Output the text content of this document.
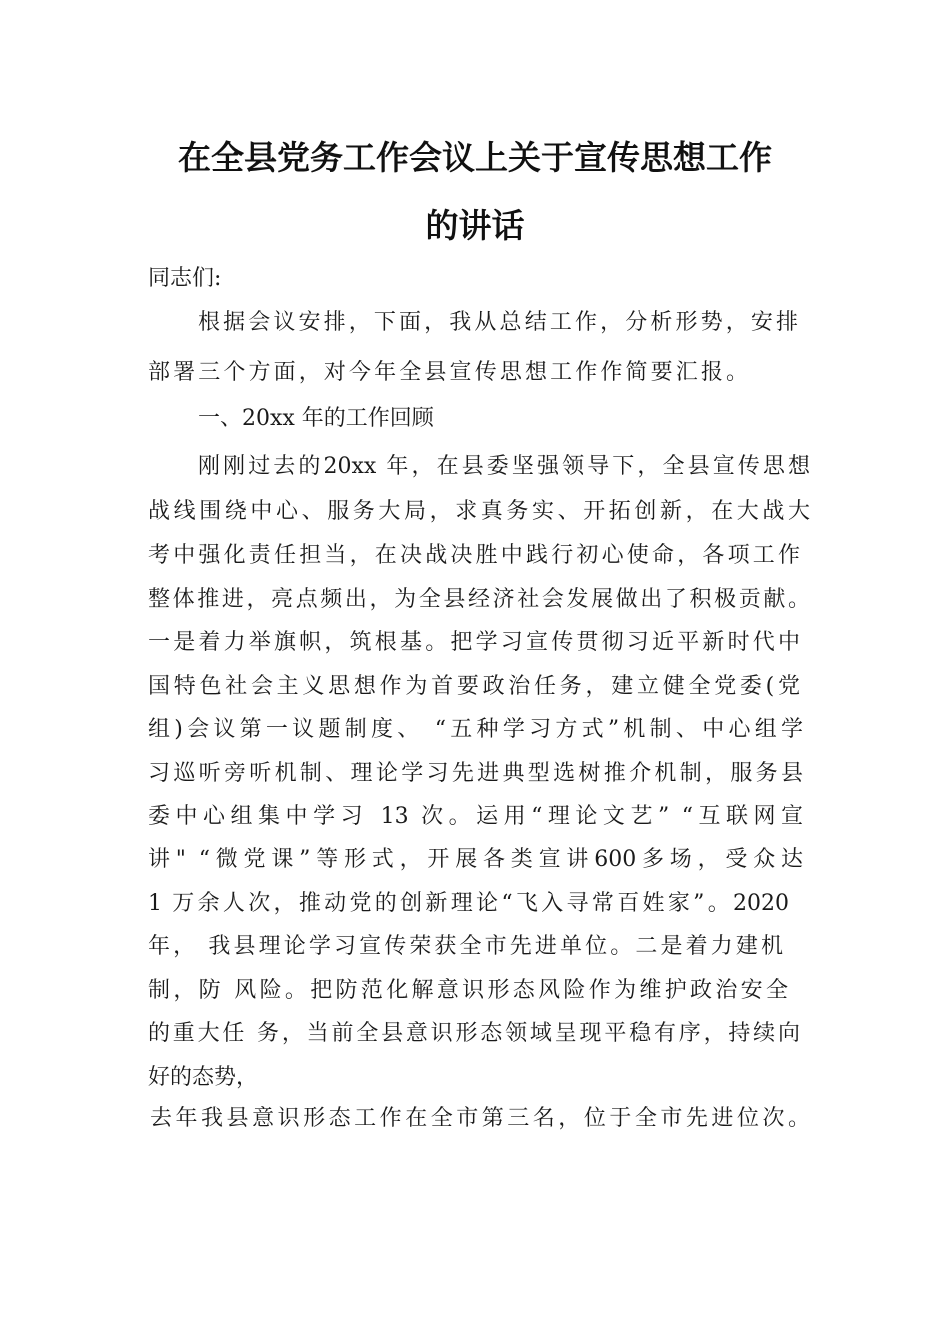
在全县党务工作会议上关于宣传思想工作
的讲话
同志们:
根据会议安排，下面，我从总结工作，分析形势，安排
部署三个方面，对今年全县宣传思想工作作简要汇报。
一、20xx 年的工作回顾
刚刚过去的20xx 年，在县委坚强领导下，全县宣传思想
战线围绕中心、服务大局，求真务实、开拓创新，在大战大
考中强化责任担当，在决战决胜中践行初心使命，各项工作
整体推进，亮点频出，为全县经济社会发展做出了积极贡献。
一是着力举旗帜，筑根基。把学习宣传贯彻习近平新时代中
国特色社会主义思想作为首要政治任务，建立健全党委(党
组)会议第一议题制度、 “五种学习方式”机制、中心组学
习巡听旁听机制、理论学习先进典型选树推介机制，服务县
委中心组集中学习 13 次。运用“理论文艺” “互联网宣
讲" “微党课”等形式，开展各类宣讲600多场，受众达
1 万余人次，推动党的创新理论“飞入寻常百姓家”。2020
年， 我县理论学习宣传荣获全市先进单位。二是着力建机
制，防 风险。把防范化解意识形态风险作为维护政治安全
的重大任 务，当前全县意识形态领域呈现平稳有序，持续向
好的态势，
去年我县意识形态工作在全市第三名，位于全市先进位次。
